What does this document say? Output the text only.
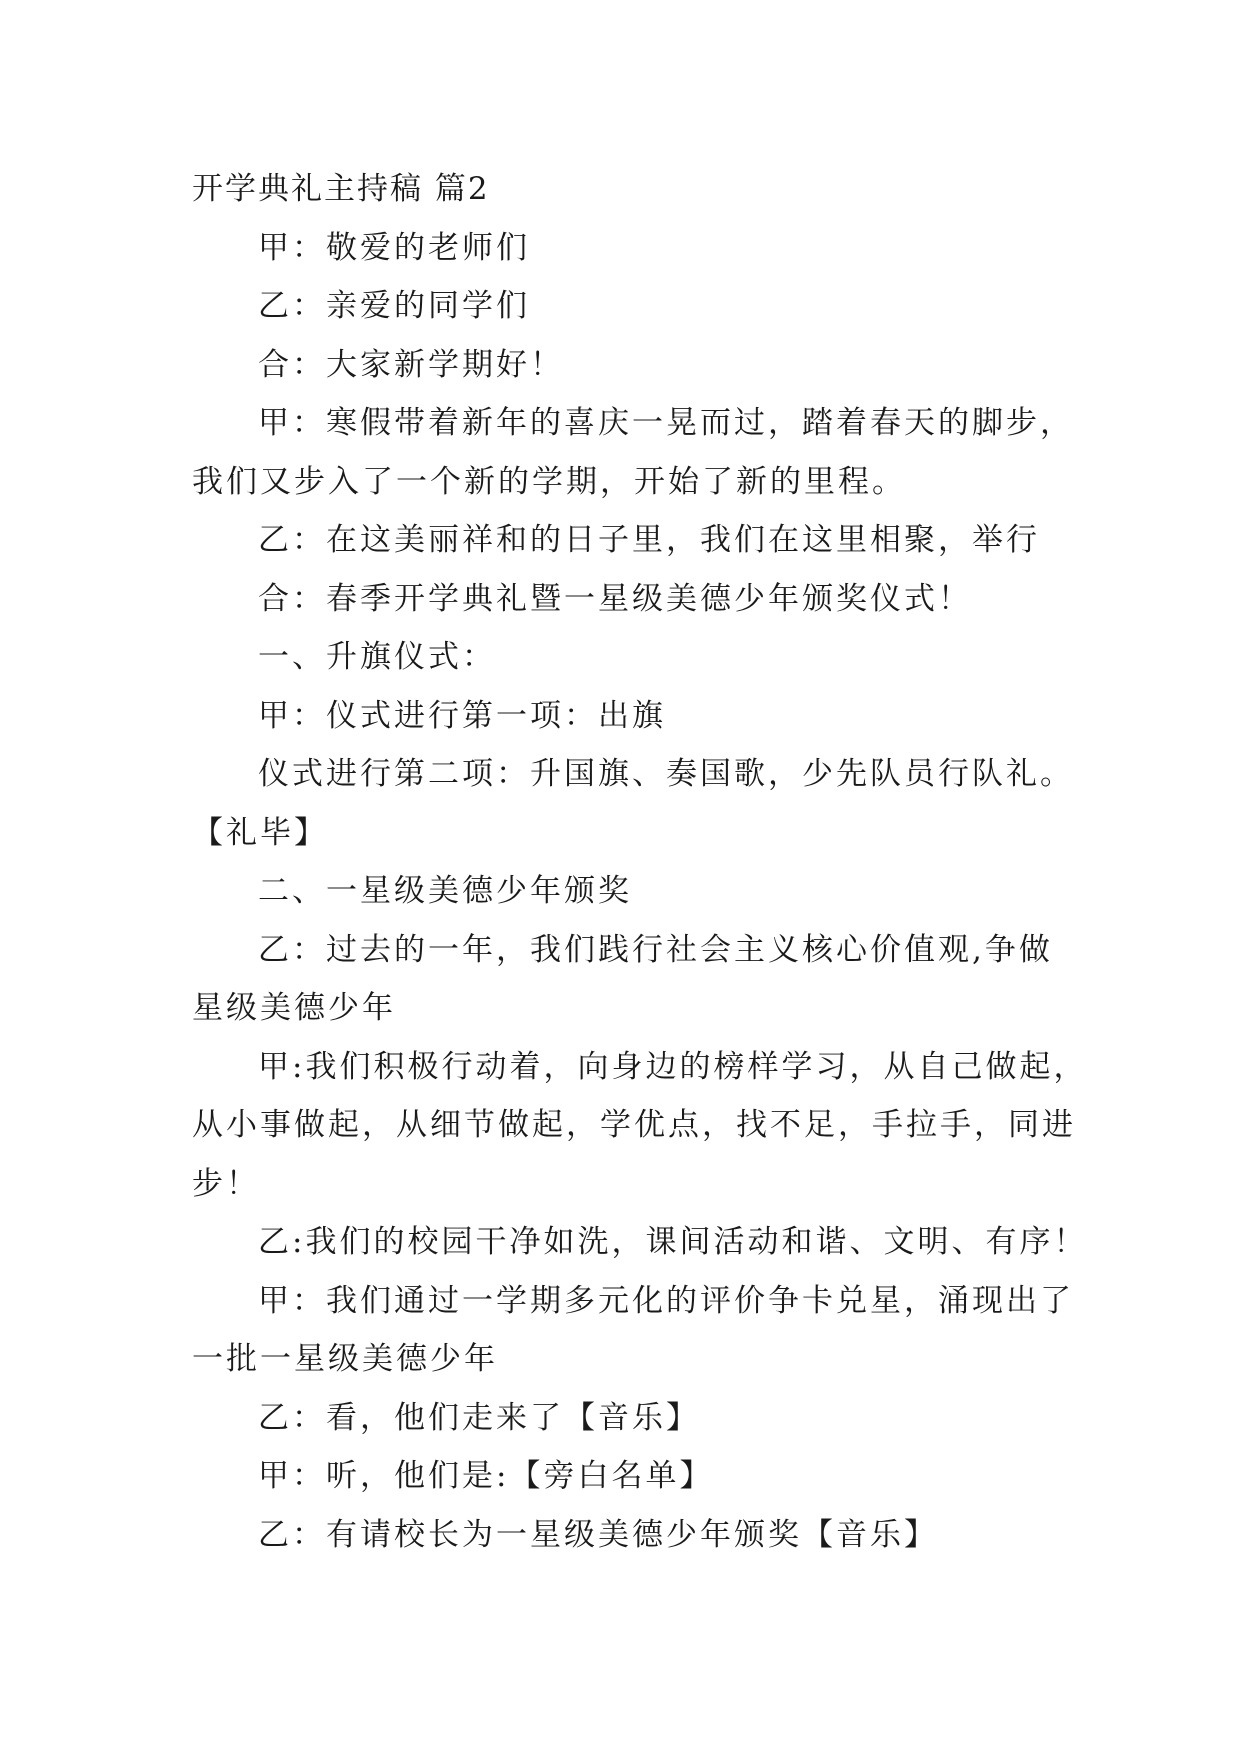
开学典礼主持稿 篇2
甲：敬爱的老师们
乙：亲爱的同学们
合：大家新学期好！
甲：寒假带着新年的喜庆一晃而过，踏着春天的脚步，
我们又步入了一个新的学期，开始了新的里程。
乙：在这美丽祥和的日子里，我们在这里相聚，举行
合：春季开学典礼暨一星级美德少年颁奖仪式！
一、升旗仪式：
甲：仪式进行第一项：出旗
仪式进行第二项：升国旗、奏国歌，少先队员行队礼。
【礼毕】
二、一星级美德少年颁奖
乙：过去的一年，我们践行社会主义核心价值观,争做
星级美德少年
甲:我们积极行动着，向身边的榜样学习，从自己做起，
从小事做起，从细节做起，学优点，找不足，手拉手，同进
步！
乙:我们的校园干净如洗，课间活动和谐、文明、有序！
甲：我们通过一学期多元化的评价争卡兑星，涌现出了
一批一星级美德少年
乙：看，他们走来了【音乐】
甲：听，他们是:【旁白名单】
乙：有请校长为一星级美德少年颁奖【音乐】
